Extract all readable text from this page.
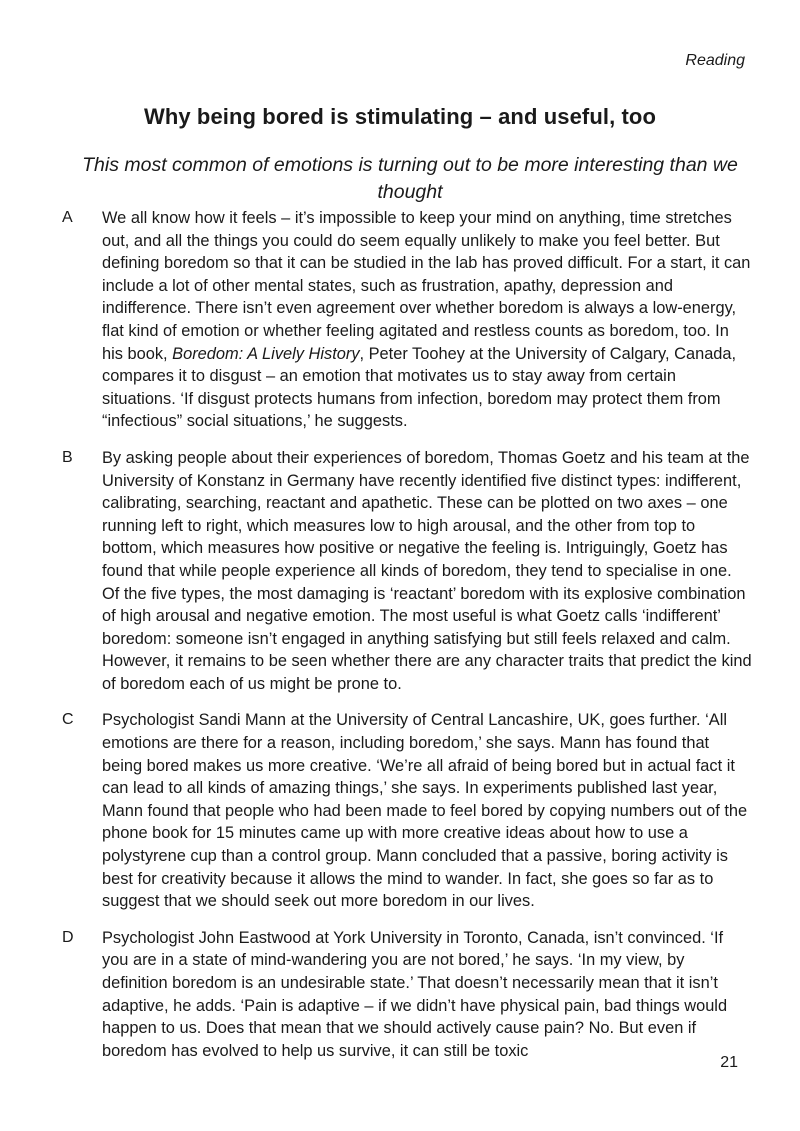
Reading
Why being bored is stimulating – and useful, too
This most common of emotions is turning out to be more interesting than we thought
A	We all know how it feels – it’s impossible to keep your mind on anything, time stretches out, and all the things you could do seem equally unlikely to make you feel better. But defining boredom so that it can be studied in the lab has proved difficult. For a start, it can include a lot of other mental states, such as frustration, apathy, depression and indifference. There isn’t even agreement over whether boredom is always a low-energy, flat kind of emotion or whether feeling agitated and restless counts as boredom, too. In his book, Boredom: A Lively History, Peter Toohey at the University of Calgary, Canada, compares it to disgust – an emotion that motivates us to stay away from certain situations. ‘If disgust protects humans from infection, boredom may protect them from “infectious” social situations,’ he suggests.

B	By asking people about their experiences of boredom, Thomas Goetz and his team at the University of Konstanz in Germany have recently identified five distinct types: indifferent, calibrating, searching, reactant and apathetic. These can be plotted on two axes – one running left to right, which measures low to high arousal, and the other from top to bottom, which measures how positive or negative the feeling is. Intriguingly, Goetz has found that while people experience all kinds of boredom, they tend to specialise in one. Of the five types, the most damaging is ‘reactant’ boredom with its explosive combination of high arousal and negative emotion. The most useful is what Goetz calls ‘indifferent’ boredom: someone isn’t engaged in anything satisfying but still feels relaxed and calm. However, it remains to be seen whether there are any character traits that predict the kind of boredom each of us might be prone to.

C	Psychologist Sandi Mann at the University of Central Lancashire, UK, goes further. ‘All emotions are there for a reason, including boredom,’ she says. Mann has found that being bored makes us more creative. ‘We’re all afraid of being bored but in actual fact it can lead to all kinds of amazing things,’ she says. In experiments published last year, Mann found that people who had been made to feel bored by copying numbers out of the phone book for 15 minutes came up with more creative ideas about how to use a polystyrene cup than a control group. Mann concluded that a passive, boring activity is best for creativity because it allows the mind to wander. In fact, she goes so far as to suggest that we should seek out more boredom in our lives.

D	Psychologist John Eastwood at York University in Toronto, Canada, isn’t convinced. ‘If you are in a state of mind-wandering you are not bored,’ he says. ‘In my view, by definition boredom is an undesirable state.’ That doesn’t necessarily mean that it isn’t adaptive, he adds. ‘Pain is adaptive – if we didn’t have physical pain, bad things would happen to us. Does that mean that we should actively cause pain? No. But even if boredom has evolved to help us survive, it can still be toxic

21
